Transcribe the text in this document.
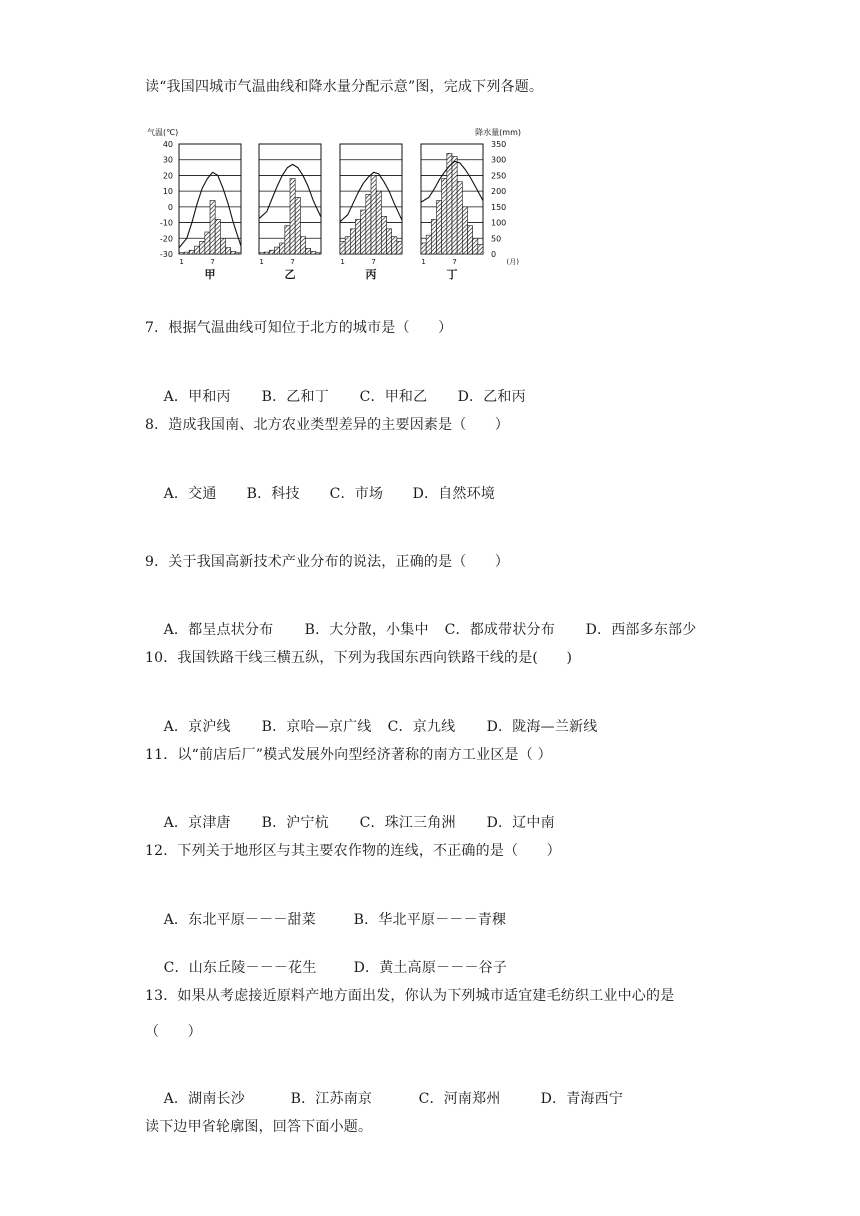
读“我国四城市气温曲线和降水量分配示意”图，完成下列各题。
气温(℃)	降水量(mm)
40
30
20
10
0
-10
-20
-30
350
300
250
200
150
100
50
0
1	7
甲
1	7
乙
1	7
丙
1	7
丁
(月)
7．根据气温曲线可知位于北方的城市是（　　）

A．甲和丙 B．乙和丁 C．甲和乙 D．乙和丙

8．造成我国南、北方农业类型差异的主要因素是（　　）

A．交通 B．科技 C．市场 D．自然环境

9．关于我国高新技术产业分布的说法，正确的是（　　）

A．都呈点状分布 B．大分散，小集中 C．都成带状分布 D．西部多东部少

10．我国铁路干线三横五纵，下列为我国东西向铁路干线的是(　　)

A．京沪线 B．京哈—京广线 C．京九线 D．陇海—兰新线

11．以“前店后厂”模式发展外向型经济著称的南方工业区是（ ）

A．京津唐 B．沪宁杭 C．珠江三角洲 D．辽中南

12．下列关于地形区与其主要农作物的连线，不正确的是（　　）

A．东北平原－－－甜菜	B．华北平原－－－青稞

C．山东丘陵－－－花生	D．黄土高原－－－谷子

13．如果从考虑接近原料产地方面出发，你认为下列城市适宜建毛纺织工业中心的是
（　　）

A．湖南长沙	B．江苏南京	C．河南郑州	D．青海西宁

读下边甲省轮廓图，回答下面小题。
